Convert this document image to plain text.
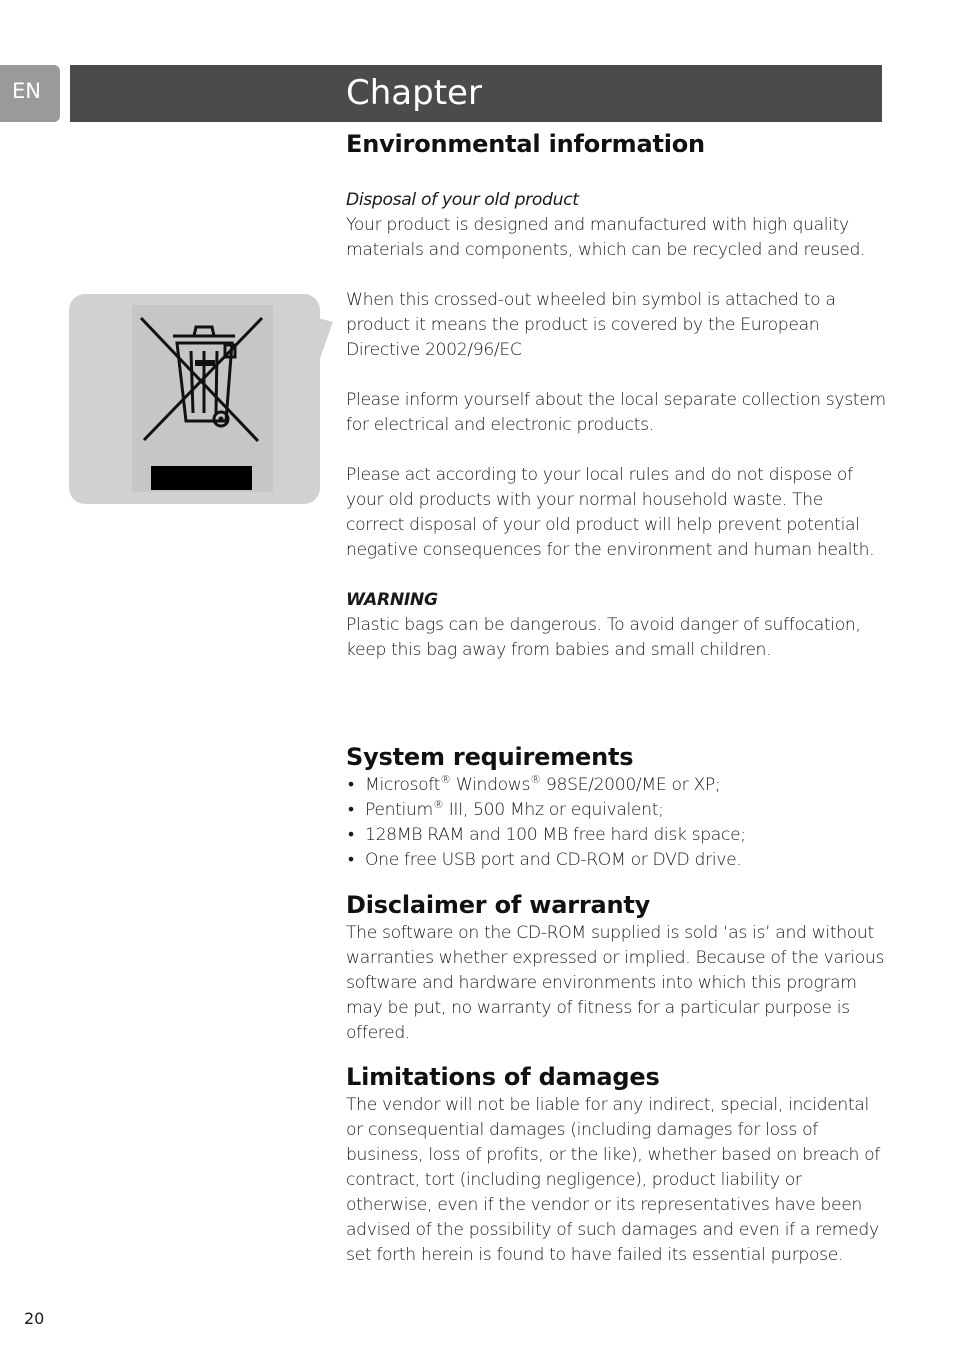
EN	Chapter
Environmental information

Disposal of your old product

Your product is designed and manufactured with high quality materials and components, which can be recycled and reused.

When this crossed-out wheeled bin symbol is attached to a product it means the product is covered by the European Directive 2002/96/EC

Please inform yourself about the local separate collection system for electrical and electronic products.

Please act according to your local rules and do not dispose of your old products with your normal household waste. The correct disposal of your old product will help prevent potential negative consequences for the environment and human health.

WARNING

Plastic bags can be dangerous. To avoid danger of suffocation, keep this bag away from babies and small children.

System requirements
• Microsoft® Windows® 98SE/2000/ME or XP;
• Pentium® III, 500 Mhz or equivalent;
• 128MB RAM and 100 MB free hard disk space;
• One free USB port and CD-ROM or DVD drive.
Disclaimer of warranty

The software on the CD-ROM supplied is sold ‘as is’ and without warranties whether expressed or implied. Because of the various software and hardware environments into which this program may be put, no warranty of fitness for a particular purpose is offered.

Limitations of damages

The vendor will not be liable for any indirect, special, incidental or consequential damages (including damages for loss of business, loss of profits, or the like), whether based on breach of contract, tort (including negligence), product liability or otherwise, even if the vendor or its representatives have been advised of the possibility of such damages and even if a remedy set forth herein is found to have failed its essential purpose.

20
